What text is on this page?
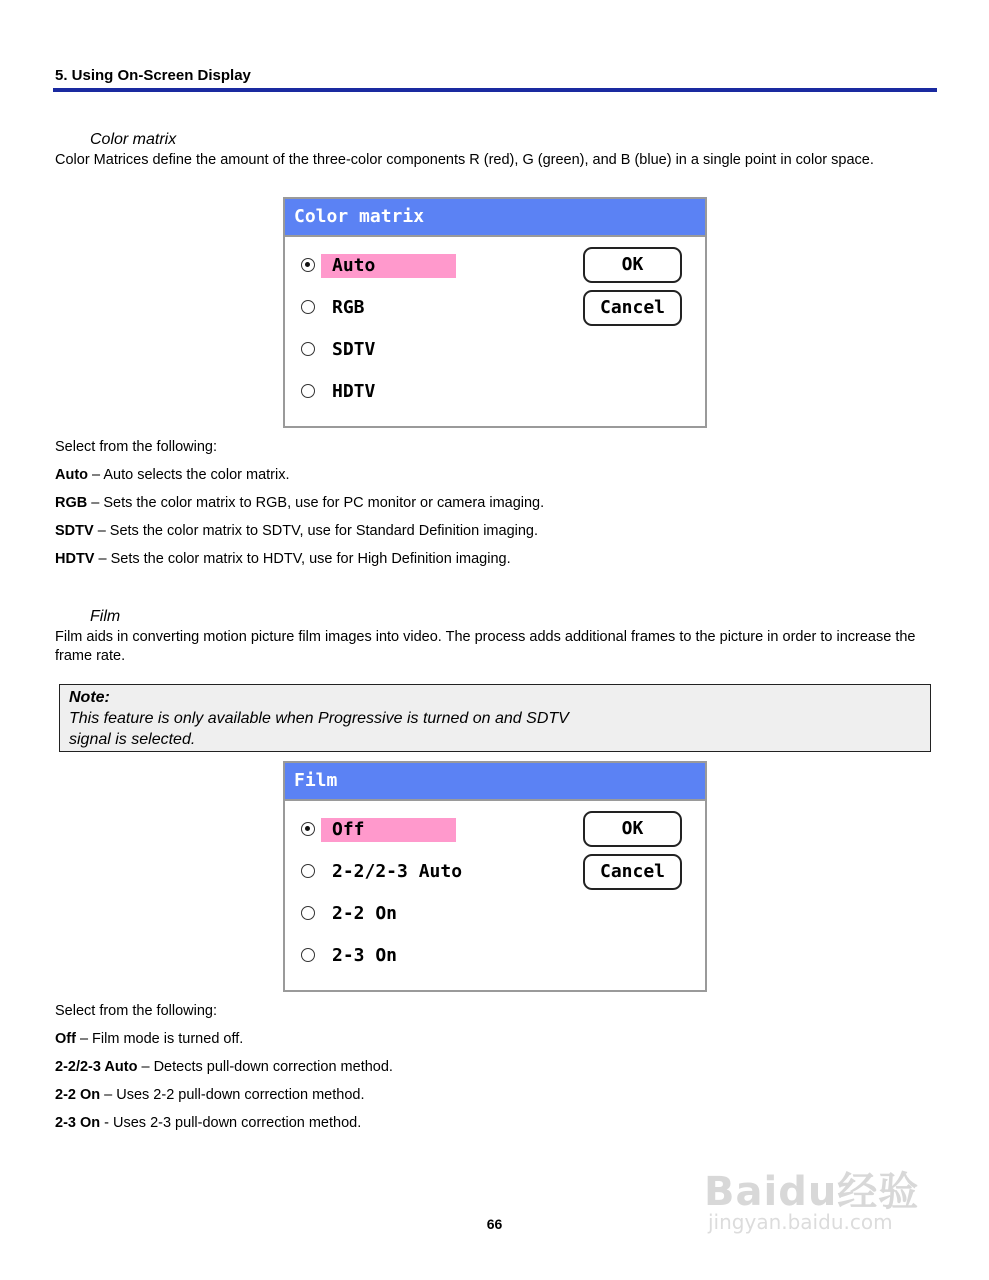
5. Using On-Screen Display
Color matrix
Color Matrices define the amount of the three-color components R (red), G (green), and B (blue) in a single point in color space.
Color matrix
Auto
RGB
SDTV
HDTV
OK
Cancel
Select from the following:
Auto – Auto selects the color matrix.
RGB – Sets the color matrix to RGB, use for PC monitor or camera imaging.
SDTV – Sets the color matrix to SDTV, use for Standard Definition imaging.
HDTV – Sets the color matrix to HDTV, use for High Definition imaging.
Film
Film aids in converting motion picture film images into video. The process adds additional frames to the picture in order to increase the frame rate.
Note:
This feature is only available when Progressive is turned on and SDTV
signal is selected.
Film
Off
2-2/2-3 Auto
2-2 On
2-3 On
OK
Cancel
Select from the following:
Off – Film mode is turned off.
2-2/2-3 Auto – Detects pull-down correction method.
2-2 On – Uses 2-2 pull-down correction method.
2-3 On - Uses 2-3 pull-down correction method.
Baidu经验
jingyan.baidu.com
66
